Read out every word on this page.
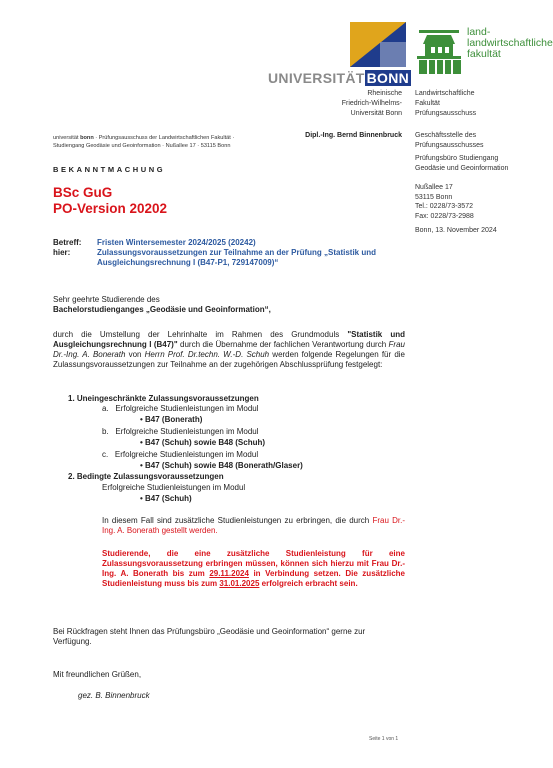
UNIVERSITÄT BONN
land-
landwirtschaftliche
fakultät
Rheinische
Friedrich-Wilhelms-
Universität Bonn
Landwirtschaftliche
Fakultät
Prüfungsausschuss
Dipl.-Ing. Bernd Binnenbruck Geschäftsstelle des
Prüfungsausschusses
Prüfungsbüro Studiengang
Geodäsie und Geoinformation
Nußallee 17
53115 Bonn
Tel.: 0228/73-3572
Fax: 0228/73-2988
Bonn, 13. November 2024
universität bonn · Prüfungsausschuss der Landwirtschaftlichen Fakultät ·
Studiengang Geodäsie und Geoinformation · Nußallee 17 · 53115 Bonn
BEKANNTMACHUNG
BSc GuG
PO-Version 20202
Betreff: Fristen Wintersemester 2024/2025 (20242)
hier:	Zulassungsvoraussetzungen zur Teilnahme an der Prüfung „Statistik und Ausgleichungsrechnung I (B47-P1, 729147009)“
Sehr geehrte Studierende des
Bachelorstudienganges „Geodäsie und Geoinformation“,
durch die Umstellung der Lehrinhalte im Rahmen des Grundmoduls "Statistik und Ausgleichungsrechnung I (B47)" durch die Übernahme der fachlichen Verantwortung durch Frau Dr.-Ing. A. Bonerath von Herrn Prof. Dr.techn. W.-D. Schuh werden folgende Regelungen für die Zulassungsvoraussetzungen zur Teilnahme an der zugehörigen Abschlussprüfung festgelegt:
1. Uneingeschränkte Zulassungsvoraussetzungen
a. Erfolgreiche Studienleistungen im Modul
• B47 (Bonerath)
b. Erfolgreiche Studienleistungen im Modul
• B47 (Schuh) sowie B48 (Schuh)
c. Erfolgreiche Studienleistungen im Modul
• B47 (Schuh) sowie B48 (Bonerath/Glaser)
2. Bedingte Zulassungsvoraussetzungen
Erfolgreiche Studienleistungen im Modul
• B47 (Schuh)
In diesem Fall sind zusätzliche Studienleistungen zu erbringen, die durch Frau Dr.-Ing. A. Bonerath gestellt werden.
Studierende, die eine zusätzliche Studienleistung für eine Zulassungsvoraussetzung erbringen müssen, können sich hierzu mit Frau Dr.-Ing. A. Bonerath bis zum 29.11.2024 in Verbindung setzen. Die zusätzliche Studienleistung muss bis zum 31.01.2025 erfolgreich erbracht sein.
Bei Rückfragen steht Ihnen das Prüfungsbüro „Geodäsie und Geoinformation“ gerne zur Verfügung.
Mit freundlichen Grüßen,
gez. B. Binnenbruck
Seite 1 von 1
